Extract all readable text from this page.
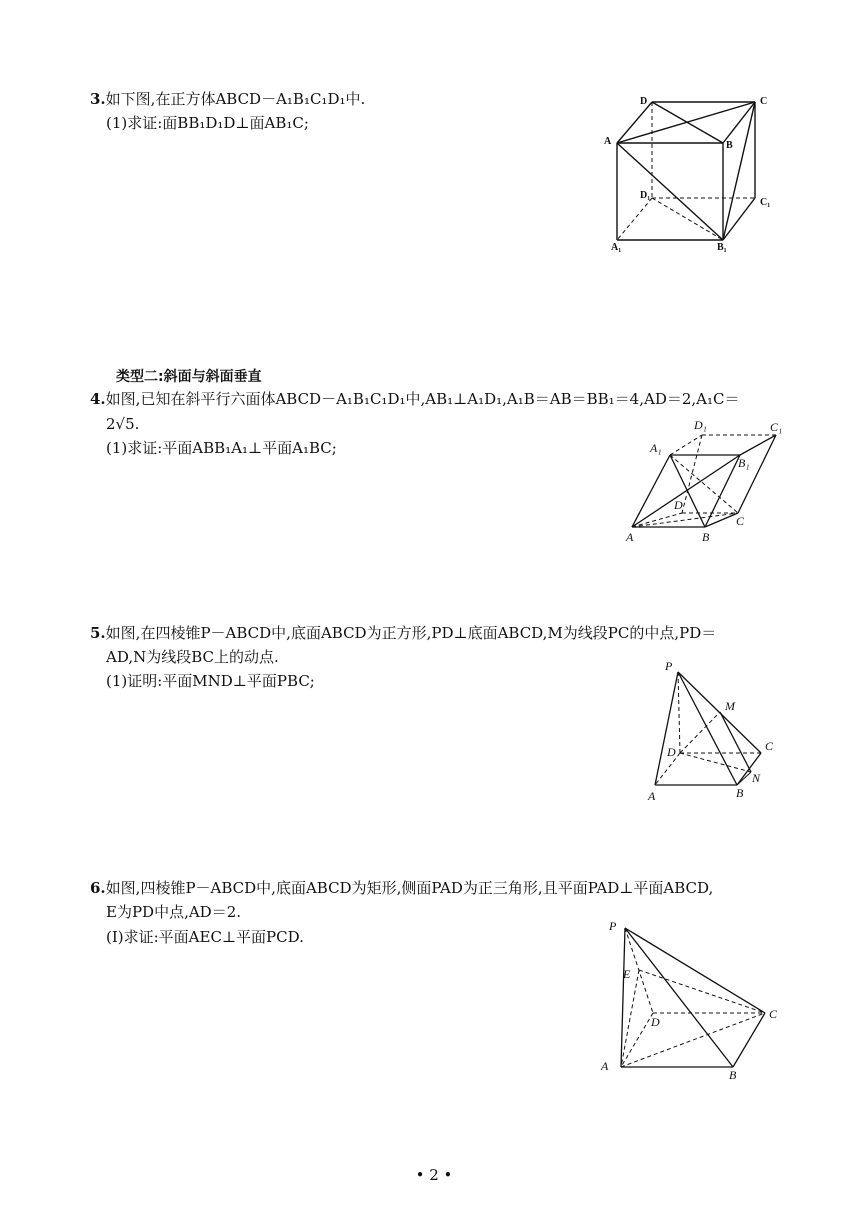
3.如下图,在正方体ABCD－A₁B₁C₁D₁中.
(1)求证:面BB₁D₁D⊥面AB₁C;
D	C
A	B
D₁
C₁
A₁	B₁
类型二:斜面与斜面垂直
4.如图,已知在斜平行六面体ABCD－A₁B₁C₁D₁中,AB₁⊥A₁D₁,A₁B＝AB＝BB₁＝4,AD＝2,A₁C＝
2√5.
(1)求证:平面ABB₁A₁⊥平面A₁BC;
D₁	C₁
A₁
B₁
D
C
A	B
5.如图,在四棱锥P－ABCD中,底面ABCD为正方形,PD⊥底面ABCD,M为线段PC的中点,PD＝
AD,N为线段BC上的动点.
(1)证明:平面MND⊥平面PBC;
P
M
D	C
N
A	B
6.如图,四棱锥P－ABCD中,底面ABCD为矩形,侧面PAD为正三角形,且平面PAD⊥平面ABCD,
E为PD中点,AD＝2.
(Ⅰ)求证:平面AEC⊥平面PCD.
P
E
D
C
A
B
• 2 •
